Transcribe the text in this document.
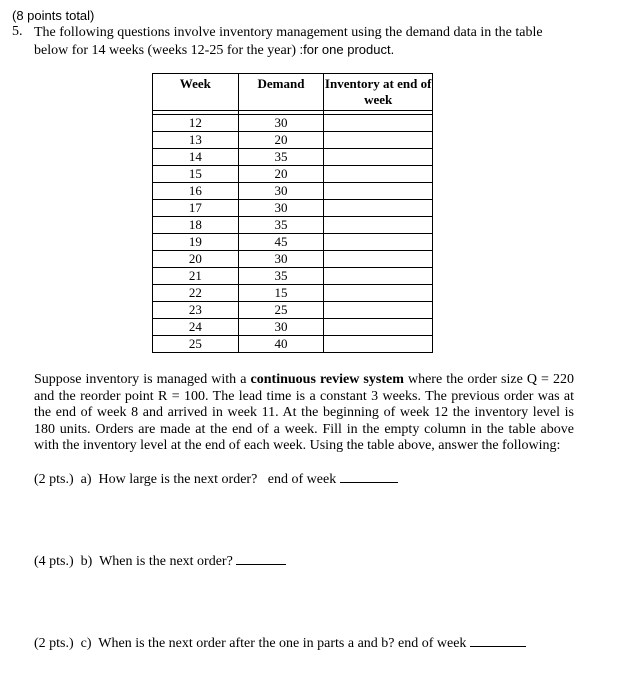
(8 points total)
5. The following questions involve inventory management using the demand data in the table below for 14 weeks (weeks 12-25 for the year) :for one product.
Week	Demand	Inventory at end of week

12	30	
13	20	
14	35	
15	20	
16	30	
17	30	
18	35	
19	45	
20	30	
21	35	
22	15	
23	25	
24	30	
25	40	
Suppose inventory is managed with a continuous review system where the order size Q = 220 and the reorder point R = 100. The lead time is a constant 3 weeks. The previous order was at the end of week 8 and arrived in week 11. At the beginning of week 12 the inventory level is 180 units. Orders are made at the end of a week. Fill in the empty column in the table above with the inventory level at the end of each week. Using the table above, answer the following:
(2 pts.)  a)  How large is the next order?   end of week
(4 pts.)  b)  When is the next order?
(2 pts.)  c)  When is the next order after the one in parts a and b? end of week
